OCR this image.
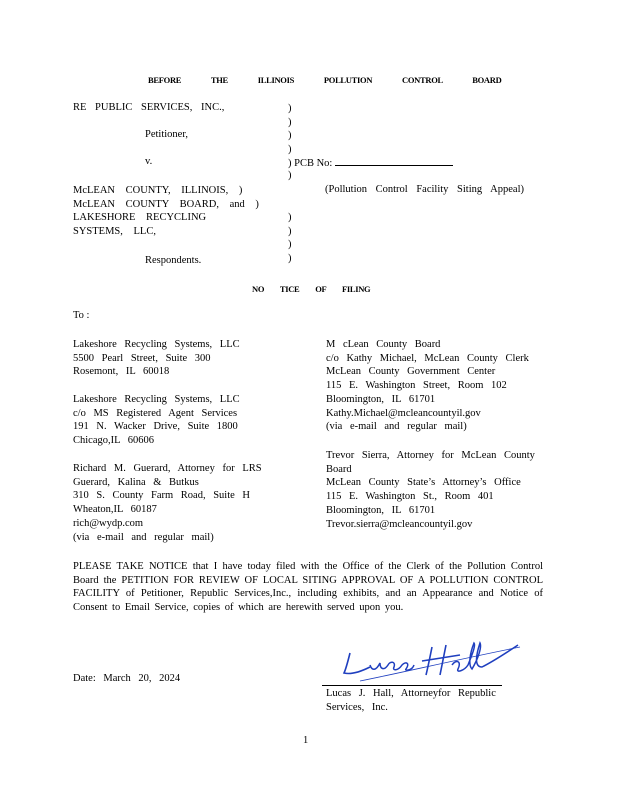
BEFORE THE ILLINOIS POLLUTION CONTROL BOARD
RE PUBLIC SERVICES, INC.,
Petitioner,
v.
)
)
)
)
) PCB No:
)
McLEAN COUNTY, ILLINOIS, )
McLEAN COUNTY BOARD, and )
LAKESHORE RECYCLING
SYSTEMS, LLC,
(Pollution Control Facility Siting Appeal)
)
)
)
)
Respondents.
NO TICE OF FILING
To :
Lakeshore Recycling Systems, LLC
5500 Pearl Street, Suite 300
Rosemont, IL 60018
Lakeshore Recycling Systems, LLC
c/o MS Registered Agent Services
191 N. Wacker Drive, Suite 1800
Chicago,IL 60606
Richard M. Guerard, Attorney for LRS
Guerard, Kalina & Butkus
310 S. County Farm Road, Suite H
Wheaton,IL 60187
rich@wydp.com
(via e-mail and regular mail)
M cLean County Board
c/o Kathy Michael, McLean County Clerk
McLean County Government Center
115 E. Washington Street, Room 102
Bloomington, IL 61701
Kathy.Michael@mcleancountyil.gov
(via e-mail and regular mail)
Trevor Sierra, Attorney for McLean County
Board
McLean County State’s Attorney’s Office
115 E. Washington St., Room 401
Bloomington, IL 61701
Trevor.sierra@mcleancountyil.gov
PLEASE TAKE NOTICE that I have today filed with the Office of the Clerk of the Pollution Control Board the PETITION FOR REVIEW OF LOCAL SITING APPROVAL OF A POLLUTION CONTROL FACILITY of Petitioner, Republic Services,Inc., including exhibits, and an Appearance and Notice of Consent to Email Service, copies of which are herewith served upon you.
Date: March 20, 2024
Lucas J. Hall, Attorneyfor Republic
Services, Inc.
1
